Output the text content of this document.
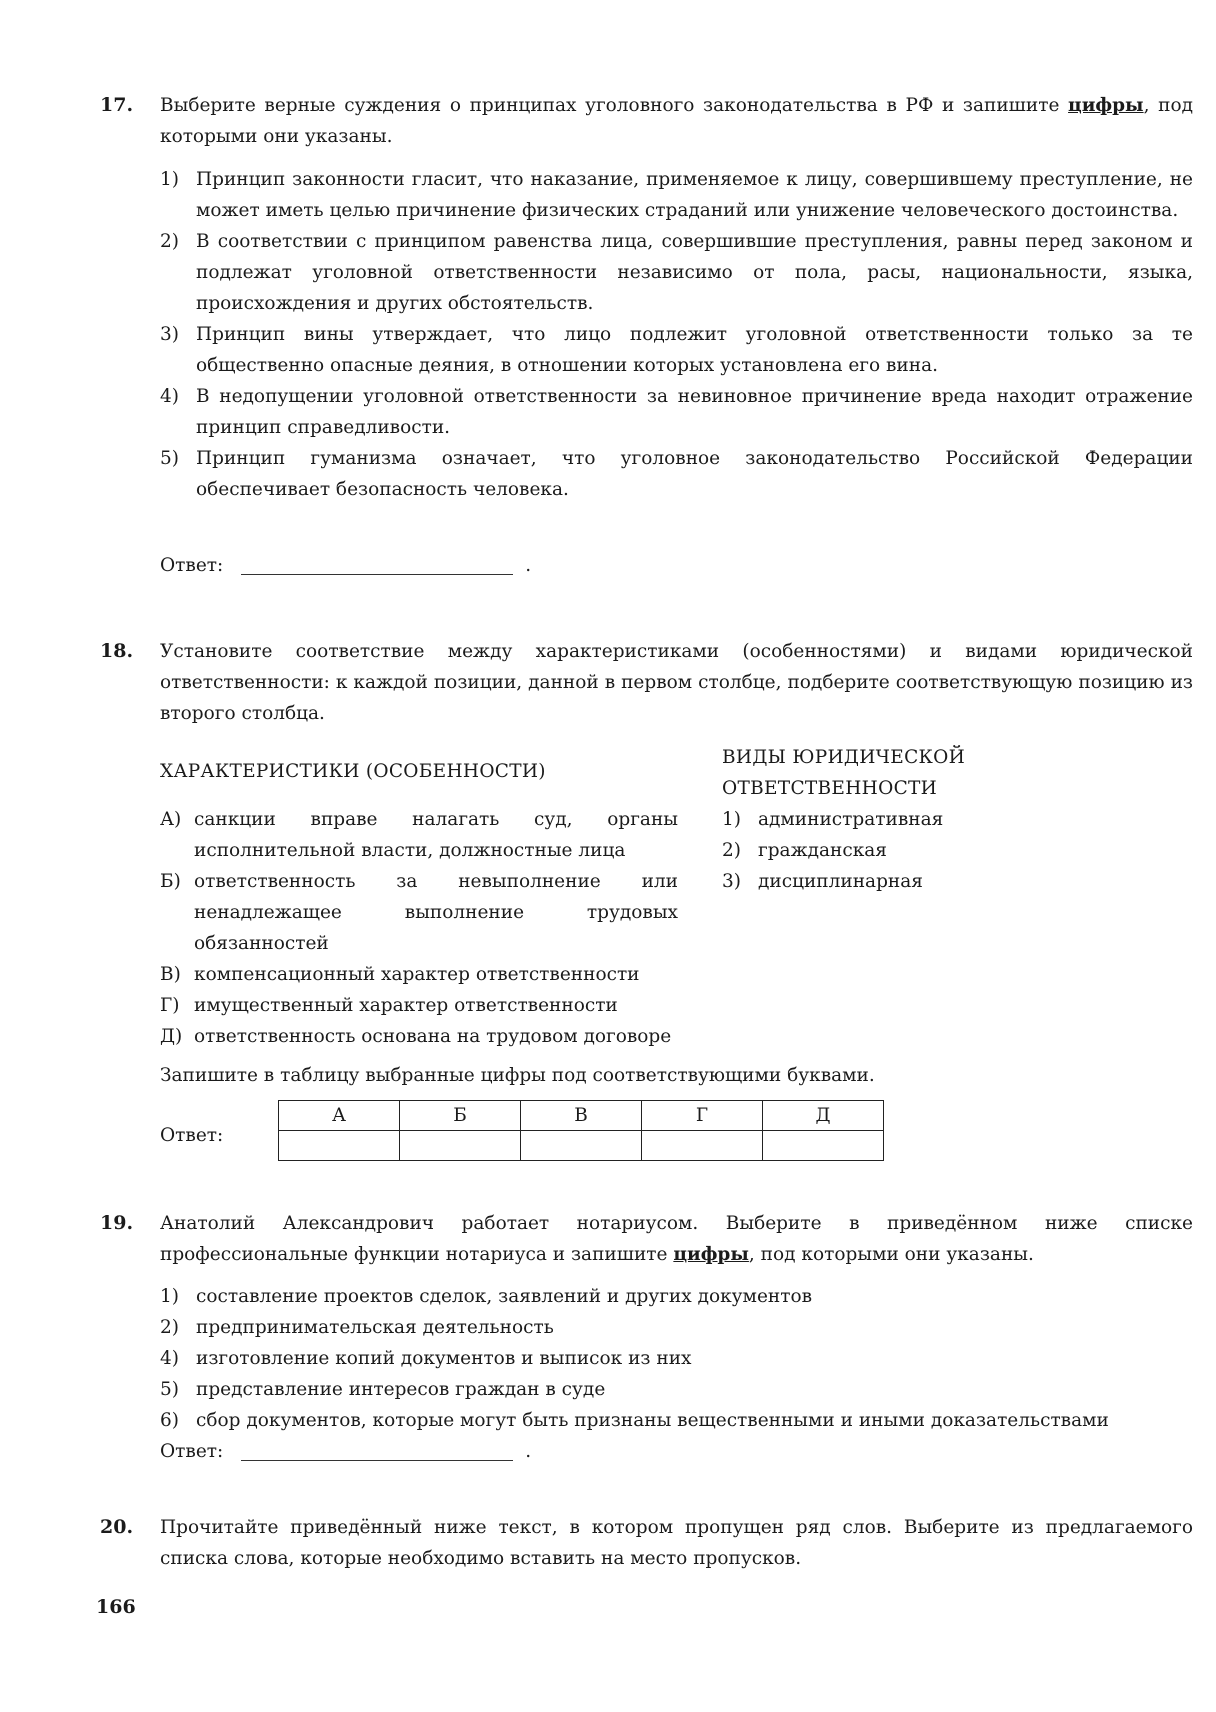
17. Выберите верные суждения о принципах уголовного законодательства в РФ и запишите цифры, под которыми они указаны.
1) Принцип законности гласит, что наказание, применяемое к лицу, совершившему преступление, не может иметь целью причинение физических страданий или унижение человеческого достоинства.
2) В соответствии с принципом равенства лица, совершившие преступления, равны перед законом и подлежат уголовной ответственности независимо от пола, расы, национальности, языка, происхождения и других обстоятельств.
3) Принцип вины утверждает, что лицо подлежит уголовной ответственности только за те общественно опасные деяния, в отношении которых установлена его вина.
4) В недопущении уголовной ответственности за невиновное причинение вреда находит отражение принцип справедливости.
5) Принцип гуманизма означает, что уголовное законодательство Российской Федерации обеспечивает безопасность человека.
Ответ:	.
18. Установите соответствие между характеристиками (особенностями) и видами юридической ответственности: к каждой позиции, данной в первом столбце, подберите соответствующую позицию из второго столбца.
ХАРАКТЕРИСТИКИ (ОСОБЕННОСТИ)
ВИДЫ ЮРИДИЧЕСКОЙ
ОТВЕТСТВЕННОСТИ
А) санкции вправе налагать суд, органы исполнительной власти, должностные лица
Б) ответственность за невыполнение или ненадлежащее выполнение трудовых обязанностей
В) компенсационный характер ответственности
Г) имущественный характер ответственности
Д) ответственность основана на трудовом договоре
1) административная
2) гражданская
3) дисциплинарная
Запишите в таблицу выбранные цифры под соответствующими буквами.
Ответ:
А	Б	В	Г	Д

19. Анатолий Александрович работает нотариусом. Выберите в приведённом ниже списке профессиональные функции нотариуса и запишите цифры, под которыми они указаны.
1) составление проектов сделок, заявлений и других документов
2) предпринимательская деятельность
4) изготовление копий документов и выписок из них
5) представление интересов граждан в суде
6) сбор документов, которые могут быть признаны вещественными и иными доказательствами
Ответ:	.
20. Прочитайте приведённый ниже текст, в котором пропущен ряд слов. Выберите из предлагаемого списка слова, которые необходимо вставить на место пропусков.
166
